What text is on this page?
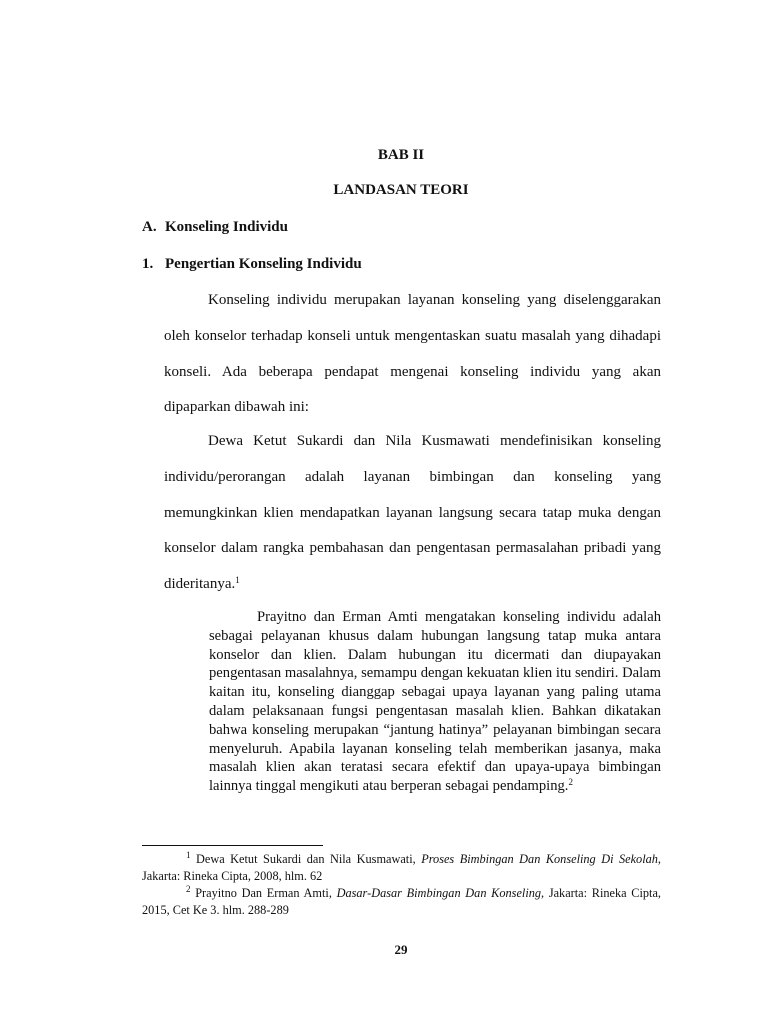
BAB II
LANDASAN TEORI
A. Konseling Individu
1. Pengertian Konseling Individu
Konseling individu merupakan layanan konseling yang diselenggarakan oleh konselor terhadap konseli untuk mengentaskan suatu masalah yang dihadapi konseli. Ada beberapa pendapat mengenai konseling individu yang akan dipaparkan dibawah ini:
Dewa Ketut Sukardi dan Nila Kusmawati mendefinisikan konseling individu/perorangan adalah layanan bimbingan dan konseling yang memungkinkan klien mendapatkan layanan langsung secara tatap muka dengan konselor dalam rangka pembahasan dan pengentasan permasalahan pribadi yang dideritanya.$^1$
Prayitno dan Erman Amti mengatakan konseling individu adalah sebagai pelayanan khusus dalam hubungan langsung tatap muka antara konselor dan klien. Dalam hubungan itu dicermati dan diupayakan pengentasan masalahnya, semampu dengan kekuatan klien itu sendiri. Dalam kaitan itu, konseling dianggap sebagai upaya layanan yang paling utama dalam pelaksanaan fungsi pengentasan masalah klien. Bahkan dikatakan bahwa konseling merupakan “jantung hatinya” pelayanan bimbingan secara menyeluruh. Apabila layanan konseling telah memberikan jasanya, maka masalah klien akan teratasi secara efektif dan upaya-upaya bimbingan lainnya tinggal mengikuti atau berperan sebagai pendamping.$^2$

$^1$ Dewa Ketut Sukardi dan Nila Kusmawati, Proses Bimbingan Dan Konseling Di Sekolah, Jakarta: Rineka Cipta, 2008, hlm. 62

$^2$ Prayitno Dan Erman Amti, Dasar-Dasar Bimbingan Dan Konseling, Jakarta: Rineka Cipta, 2015, Cet Ke 3. hlm. 288-289

29
